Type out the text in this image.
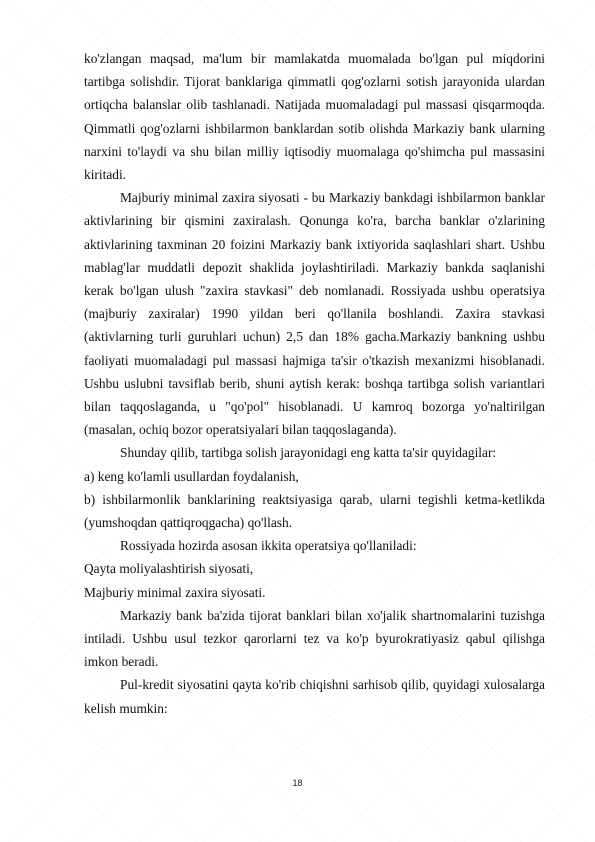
ko'zlangan maqsad, ma'lum bir mamlakatda muomalada bo'lgan pul miqdorini tartibga solishdir. Tijorat banklariga qimmatli qog'ozlarni sotish jarayonida ulardan ortiqcha balanslar olib tashlanadi. Natijada muomaladagi pul massasi qisqarmoqda. Qimmatli qog'ozlarni ishbilarmon banklardan sotib olishda Markaziy bank ularning narxini to'laydi va shu bilan milliy iqtisodiy muomalaga qo'shimcha pul massasini kiritadi.

Majburiy minimal zaxira siyosati - bu Markaziy bankdagi ishbilarmon banklar aktivlarining bir qismini zaxiralash. Qonunga ko'ra, barcha banklar o'zlarining aktivlarining taxminan 20 foizini Markaziy bank ixtiyorida saqlashlari shart. Ushbu mablag'lar muddatli depozit shaklida joylashtiriladi. Markaziy bankda saqlanishi kerak bo'lgan ulush "zaxira stavkasi" deb nomlanadi. Rossiyada ushbu operatsiya (majburiy zaxiralar) 1990 yildan beri qo'llanila boshlandi. Zaxira stavkasi (aktivlarning turli guruhlari uchun) 2,5 dan 18% gacha.Markaziy bankning ushbu faoliyati muomaladagi pul massasi hajmiga ta'sir o'tkazish mexanizmi hisoblanadi. Ushbu uslubni tavsiflab berib, shuni aytish kerak: boshqa tartibga solish variantlari bilan taqqoslaganda, u "qo'pol" hisoblanadi. U kamroq bozorga yo'naltirilgan (masalan, ochiq bozor operatsiyalari bilan taqqoslaganda).

Shunday qilib, tartibga solish jarayonidagi eng katta ta'sir quyidagilar:

a) keng ko'lamli usullardan foydalanish,

b) ishbilarmonlik banklarining reaktsiyasiga qarab, ularni tegishli ketma-ketlikda (yumshoqdan qattiqroqgacha) qo'llash.

Rossiyada hozirda asosan ikkita operatsiya qo'llaniladi:

Qayta moliyalashtirish siyosati,

Majburiy minimal zaxira siyosati.

Markaziy bank ba'zida tijorat banklari bilan xo'jalik shartnomalarini tuzishga intiladi. Ushbu usul tezkor qarorlarni tez va ko'p byurokratiyasiz qabul qilishga imkon beradi.

Pul-kredit siyosatini qayta ko'rib chiqishni sarhisob qilib, quyidagi xulosalarga kelish mumkin:

18
